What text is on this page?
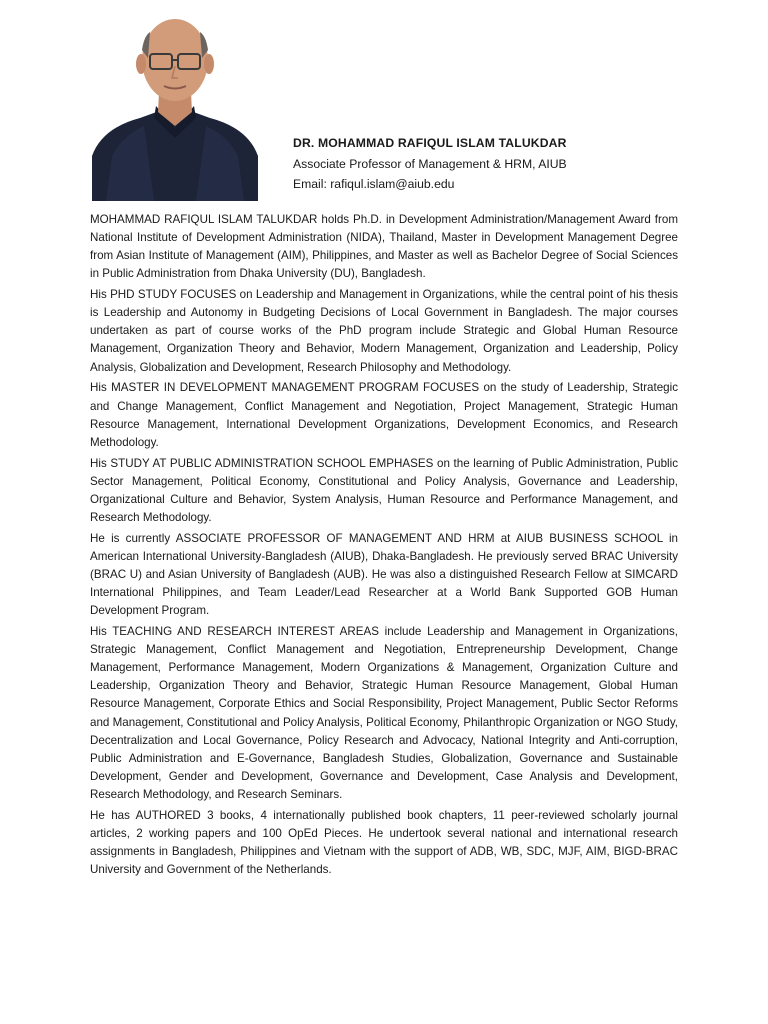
DR. MOHAMMAD RAFIQUL ISLAM TALUKDAR
Associate Professor of Management & HRM, AIUB
Email: rafiqul.islam@aiub.edu

MOHAMMAD RAFIQUL ISLAM TALUKDAR holds Ph.D. in Development Administration/Management Award from National Institute of Development Administration (NIDA), Thailand, Master in Development Management Degree from Asian Institute of Management (AIM), Philippines, and Master as well as Bachelor Degree of Social Sciences in Public Administration from Dhaka University (DU), Bangladesh.

His PHD STUDY FOCUSES on Leadership and Management in Organizations, while the central point of his thesis is Leadership and Autonomy in Budgeting Decisions of Local Government in Bangladesh. The major courses undertaken as part of course works of the PhD program include Strategic and Global Human Resource Management, Organization Theory and Behavior, Modern Management, Organization and Leadership, Policy Analysis, Globalization and Development, Research Philosophy and Methodology.

His MASTER IN DEVELOPMENT MANAGEMENT PROGRAM FOCUSES on the study of Leadership, Strategic and Change Management, Conflict Management and Negotiation, Project Management, Strategic Human Resource Management, International Development Organizations, Development Economics, and Research Methodology.

His STUDY AT PUBLIC ADMINISTRATION SCHOOL EMPHASES on the learning of Public Administration, Public Sector Management, Political Economy, Constitutional and Policy Analysis, Governance and Leadership, Organizational Culture and Behavior, System Analysis, Human Resource and Performance Management, and Research Methodology.

He is currently ASSOCIATE PROFESSOR OF MANAGEMENT AND HRM at AIUB BUSINESS SCHOOL in American International University-Bangladesh (AIUB), Dhaka-Bangladesh. He previously served BRAC University (BRAC U) and Asian University of Bangladesh (AUB). He was also a distinguished Research Fellow at SIMCARD International Philippines, and Team Leader/Lead Researcher at a World Bank Supported GOB Human Development Program.

His TEACHING AND RESEARCH INTEREST AREAS include Leadership and Management in Organizations, Strategic Management, Conflict Management and Negotiation, Entrepreneurship Development, Change Management, Performance Management, Modern Organizations & Management, Organization Culture and Leadership, Organization Theory and Behavior, Strategic Human Resource Management, Global Human Resource Management, Corporate Ethics and Social Responsibility, Project Management, Public Sector Reforms and Management, Constitutional and Policy Analysis, Political Economy, Philanthropic Organization or NGO Study, Decentralization and Local Governance, Policy Research and Advocacy, National Integrity and Anti-corruption, Public Administration and E-Governance, Bangladesh Studies, Globalization, Governance and Sustainable Development, Gender and Development, Governance and Development, Case Analysis and Development, Research Methodology, and Research Seminars.

He has AUTHORED 3 books, 4 internationally published book chapters, 11 peer-reviewed scholarly journal articles, 2 working papers and 100 OpEd Pieces. He undertook several national and international research assignments in Bangladesh, Philippines and Vietnam with the support of ADB, WB, SDC, MJF, AIM, BIGD-BRAC University and Government of the Netherlands.
